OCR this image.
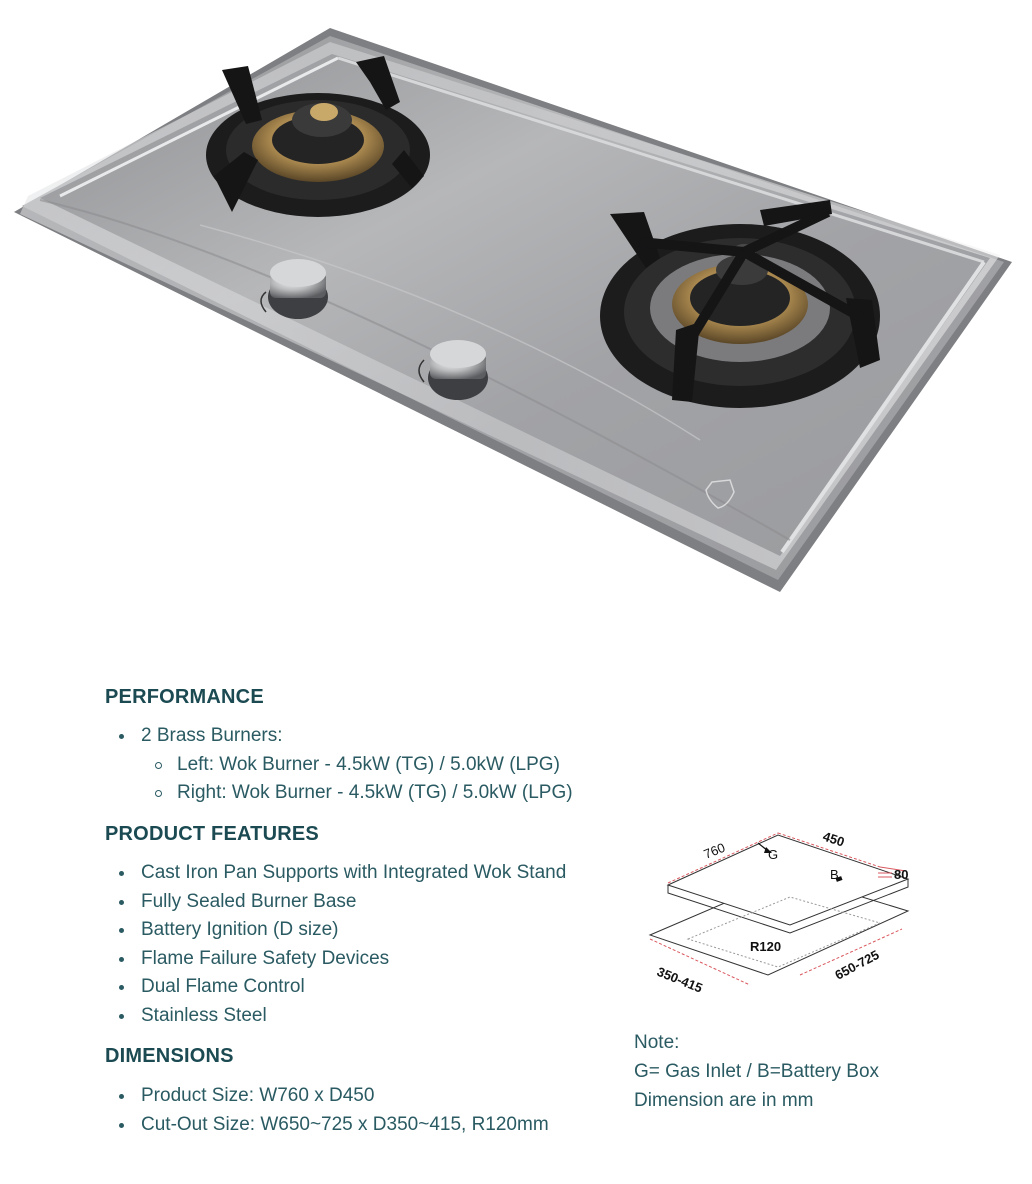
PERFORMANCE
2 Brass Burners:
Left: Wok Burner - 4.5kW (TG) / 5.0kW (LPG)
Right: Wok Burner - 4.5kW (TG) / 5.0kW (LPG)
PRODUCT FEATURES
Cast Iron Pan Supports with Integrated Wok Stand
Fully Sealed Burner Base
Battery Ignition (D size)
Flame Failure Safety Devices
Dual Flame Control
Stainless Steel
DIMENSIONS
Product Size: W760 x D450
Cut-Out Size: W650~725 x D350~415, R120mm
760
450
80
G
B
R120
350-415	650-725
Note:
G= Gas Inlet / B=Battery Box
Dimension are in mm
